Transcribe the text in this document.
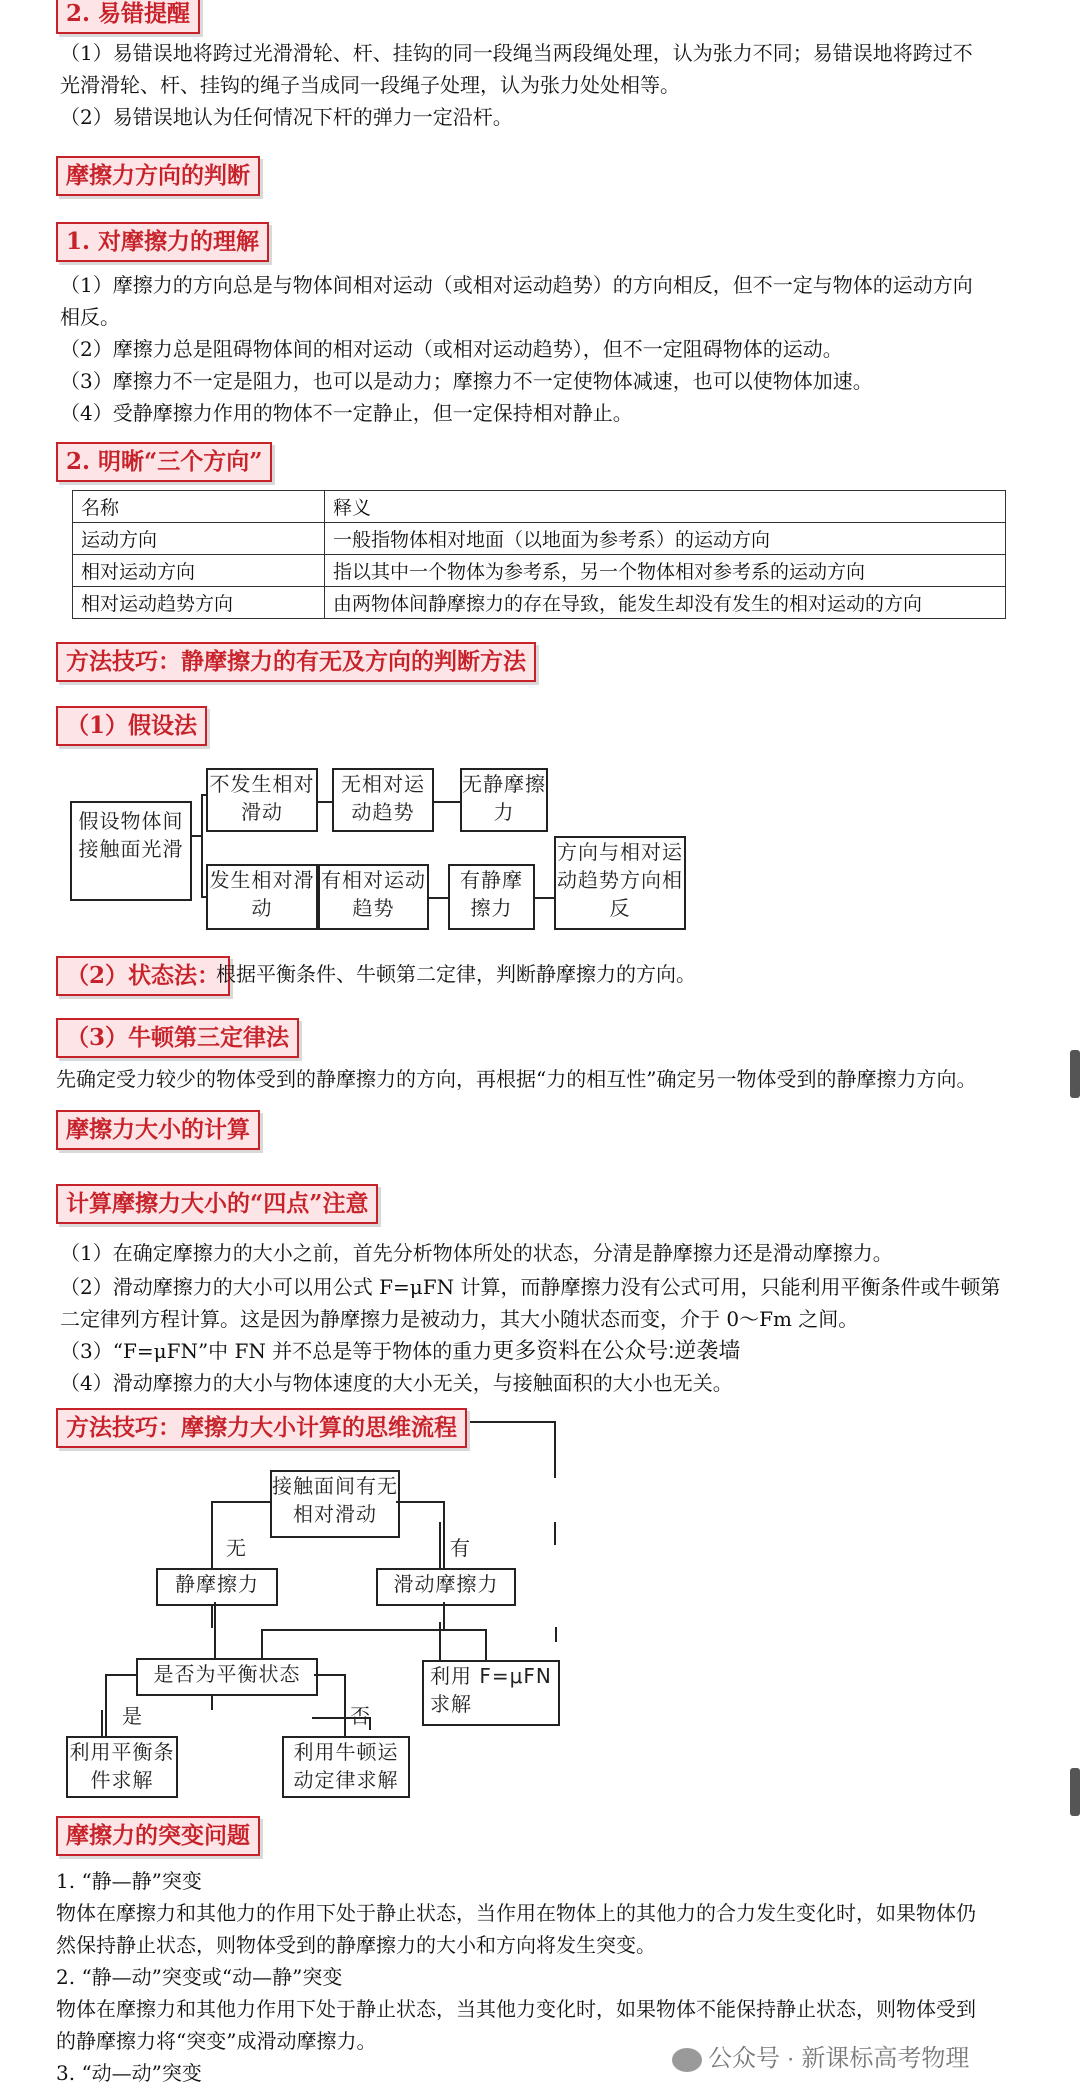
2. 易错提醒
（1）易错误地将跨过光滑滑轮、杆、挂钩的同一段绳当两段绳处理，认为张力不同；易错误地将跨过不
光滑滑轮、杆、挂钩的绳子当成同一段绳子处理，认为张力处处相等。
（2）易错误地认为任何情况下杆的弹力一定沿杆。
摩擦力方向的判断
1. 对摩擦力的理解
（1）摩擦力的方向总是与物体间相对运动（或相对运动趋势）的方向相反，但不一定与物体的运动方向
相反。
（2）摩擦力总是阻碍物体间的相对运动（或相对运动趋势），但不一定阻碍物体的运动。
（3）摩擦力不一定是阻力，也可以是动力；摩擦力不一定使物体减速，也可以使物体加速。
（4）受静摩擦力作用的物体不一定静止，但一定保持相对静止。
2. 明晰“三个方向”
名称	释义
运动方向	一般指物体相对地面（以地面为参考系）的运动方向
相对运动方向	指以其中一个物体为参考系，另一个物体相对参考系的运动方向
相对运动趋势方向	由两物体间静摩擦力的存在导致，能发生却没有发生的相对运动的方向
方法技巧：静摩擦力的有无及方向的判断方法
（1）假设法
假设物体间接触面光滑
不发生相对滑动
无相对运动趋势
无静摩擦力
发生相对滑动
有相对运动趋势
有静摩擦力
方向与相对运动趋势方向相反
（2）状态法：
根据平衡条件、牛顿第二定律，判断静摩擦力的方向。
（3）牛顿第三定律法
先确定受力较少的物体受到的静摩擦力的方向，再根据“力的相互性”确定另一物体受到的静摩擦力方向。
摩擦力大小的计算
计算摩擦力大小的“四点”注意
（1）在确定摩擦力的大小之前，首先分析物体所处的状态，分清是静摩擦力还是滑动摩擦力。
（2）滑动摩擦力的大小可以用公式 F=μFN 计算，而静摩擦力没有公式可用，只能利用平衡条件或牛顿第
二定律列方程计算。这是因为静摩擦力是被动力，其大小随状态而变，介于 0～Fm 之间。
（3）“F=μFN”中 FN 并不总是等于物体的重力更多资料在公众号:逆袭墙
（4）滑动摩擦力的大小与物体速度的大小无关，与接触面积的大小也无关。
方法技巧：摩擦力大小计算的思维流程
接触面间有无相对滑动
无	有
静摩擦力	滑动摩擦力
是否为平衡状态	利用 F=μFN 求解
是	否
利用平衡条件求解
利用牛顿运动定律求解
摩擦力的突变问题
1. “静—静”突变
物体在摩擦力和其他力的作用下处于静止状态，当作用在物体上的其他力的合力发生变化时，如果物体仍
然保持静止状态，则物体受到的静摩擦力的大小和方向将发生突变。
2. “静—动”突变或“动—静”突变
物体在摩擦力和其他力作用下处于静止状态，当其他力变化时，如果物体不能保持静止状态，则物体受到
的静摩擦力将“突变”成滑动摩擦力。
3. “动—动”突变
公众号 · 新课标高考物理
